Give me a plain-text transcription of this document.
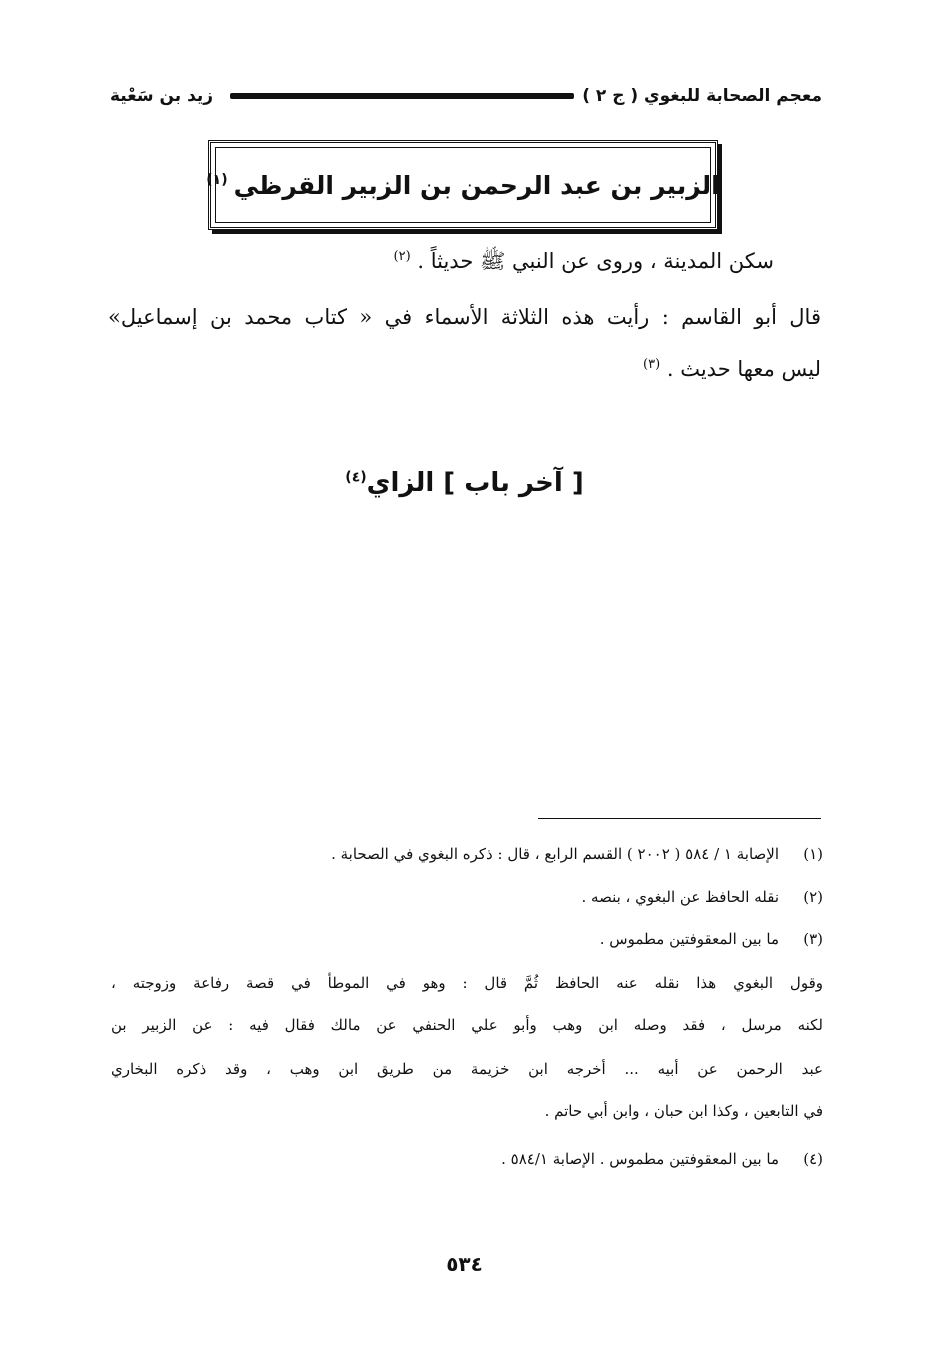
معجم الصحابة للبغوي ( ج ٢ )
زيد بن سَعْية
الزبير بن عبد الرحمن بن الزبير القرظي$^{(١)}$
سكن المدينة ، وروى عن النبي ﷺ حديثاً . $^{(٢)}$
قال أبو القاسم : رأيت هذه الثلاثة الأسماء في « كتاب محمد بن إسماعيل»
ليس معها حديث . $^{(٣)}$
[ آخر باب ] الزاي$^{(٤)}$
(١)الإصابة ١ / ٥٨٤ ( ٢٠٠٢ ) القسم الرابع ، قال : ذكره البغوي في الصحابة .
(٢)نقله الحافظ عن البغوي ، بنصه .
(٣)ما بين المعقوفتين مطموس .
وقول البغوي هذا نقله عنه الحافظ ثُمَّ قال : وهو في الموطأ في قصة رفاعة وزوجته ،
لكنه مرسل ، فقد وصله ابن وهب وأبو علي الحنفي عن مالك فقال فيه : عن الزبير بن
عبد الرحمن عن أبيه ... أخرجه ابن خزيمة من طريق ابن وهب ، وقد ذكره البخاري
في التابعين ، وكذا ابن حبان ، وابن أبي حاتم .
(٤)ما بين المعقوفتين مطموس . الإصابة ٥٨٤/١ .
٥٣٤
